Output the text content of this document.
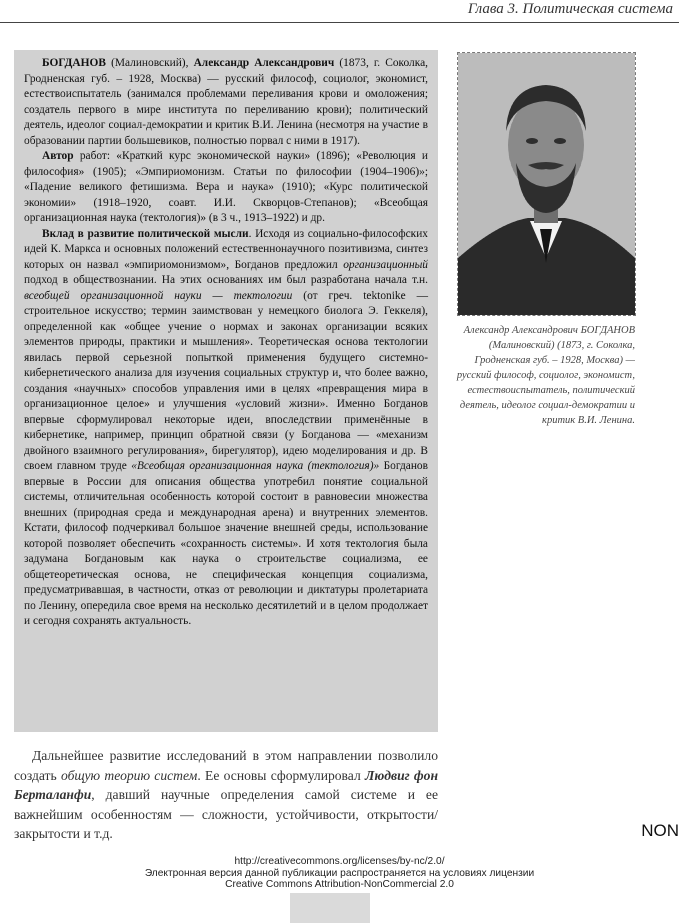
Глава 3. Политическая система

БОГДАНОВ (Малиновский), Александр Александрович (1873, г. Соколка, Гродненская губ. – 1928, Москва) — русский философ, социолог, экономист, естествоиспытатель (занимался проблемами переливания крови и омоложения; создатель первого в мире института по переливанию крови); политический деятель, идеолог социал-демократии и критик В.И. Ленина (несмотря на участие в образовании партии большевиков, полностью порвал с ними в 1917).

Автор работ: «Краткий курс экономической науки» (1896); «Революция и философия» (1905); «Эмпириомонизм. Статьи по философии (1904–1906)»; «Падение великого фетишизма. Вера и наука» (1910); «Курс политической экономии» (1918–1920, соавт. И.И. Скворцов-Степанов); «Всеобщая организационная наука (тектология)» (в 3 ч., 1913–1922) и др.

Вклад в развитие политической мысли. Исходя из социально-философских идей К. Маркса и основных положений естественнонаучного позитивизма, синтез которых он назвал «эмпириомонизмом», Богданов предложил организационный подход в обществознании. На этих основаниях им был разработана начала т.н. всеобщей организационной науки — тектологии (от греч. tektonike — строительное искусство; термин заимствован у немецкого биолога Э. Геккеля), определенной как «общее учение о нормах и законах организации всяких элементов природы, практики и мышления». Теоретическая основа тектологии явилась первой серьезной попыткой применения будущего системно-кибернетического анализа для изучения социальных структур и, что более важно, создания «научных» способов управления ими в целях «превращения мира в организационное целое» и улучшения «условий жизни». Именно Богданов впервые сформулировал некоторые идеи, впоследствии применённые в кибернетике, например, принцип обратной связи (у Богданова — «механизм двойного взаимного регулирования», бирегулятор), идею моделирования и др. В своем главном труде «Всеобщая организационная наука (тектология)» Богданов впервые в России для описания общества употребил понятие социальной системы, отличительная особенность которой состоит в равновесии множества внешних (природная среда и международная арена) и внутренних элементов. Кстати, философ подчеркивал большое значение внешней среды, использование которой позволяет обеспечить «сохранность системы». И хотя тектология была задумана Богдановым как наука о строительстве социализма, ее общетеоретическая основа, не специфическая концепция социализма, предусматривавшая, в частности, отказ от революции и диктатуры пролетариата по Ленину, опередила свое время на несколько десятилетий и в целом продолжает и сегодня сохранять актуальность.

Александр Александрович БОГДАНОВ (Малиновский) (1873, г. Соколка, Гродненская губ. – 1928, Москва) — русский философ, социолог, экономист, естествоиспытатель, политический деятель, идеолог социал-демократии и критик В.И. Ленина.

Дальнейшее развитие исследований в этом направлении позволило создать общую теорию систем. Ее основы сформулировал Людвиг фон Берталанфи, давший научные определения самой системе и ее важнейшим особенностям — сложности, устойчивости, открытости/закрытости и т.д.	NON
http://creativecommons.org/licenses/by-nc/2.0/
Электронная версия данной публикации распространяется на условиях лицензии
Creative Commons Attribution-NonCommercial 2.0
